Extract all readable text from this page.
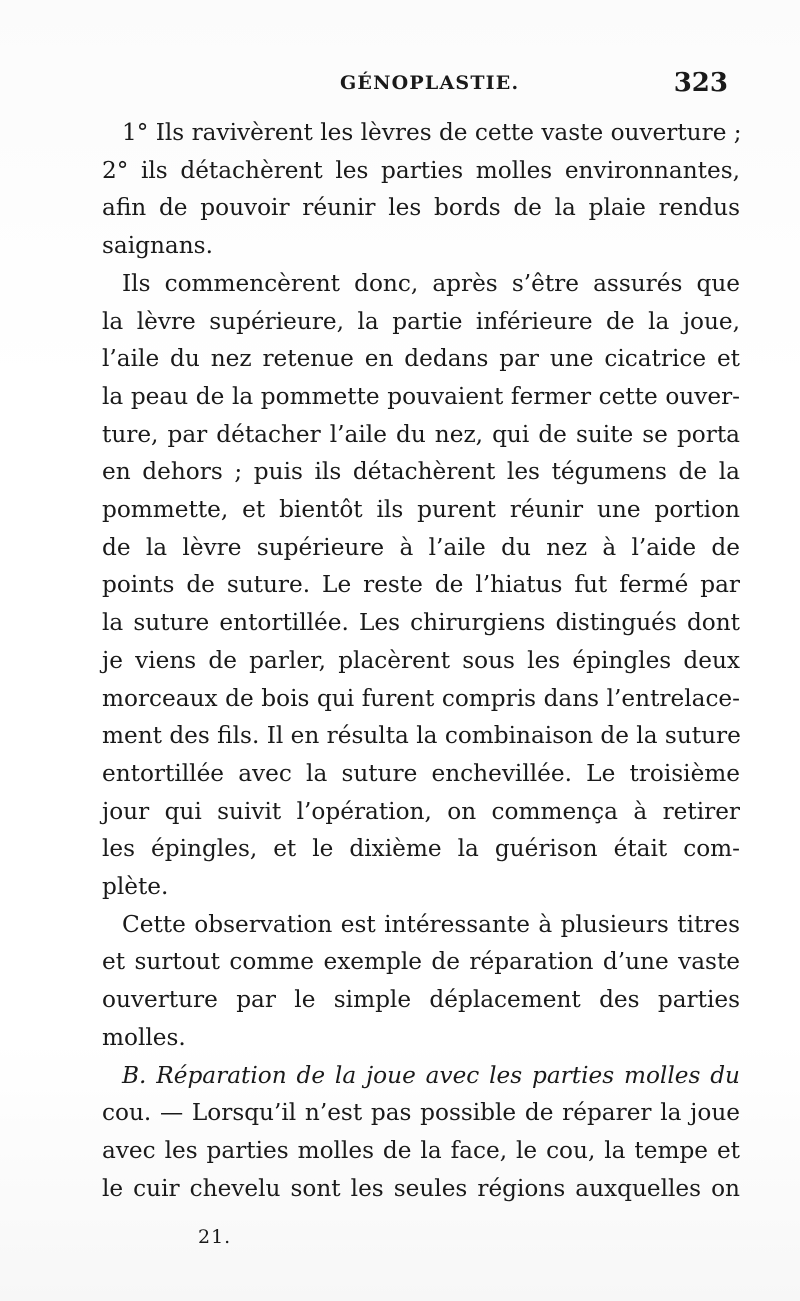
GÉNOPLASTIE.	323

1° Ils ravivèrent les lèvres de cette vaste ouverture ;
2° ils détachèrent les parties molles environnantes,
afin de pouvoir réunir les bords de la plaie rendus
saignans.

Ils commencèrent donc, après s’être assurés que
la lèvre supérieure, la partie inférieure de la joue,
l’aile du nez retenue en dedans par une cicatrice et
la peau de la pommette pouvaient fermer cette ouver-
ture, par détacher l’aile du nez, qui de suite se porta
en dehors ; puis ils détachèrent les tégumens de la
pommette, et bientôt ils purent réunir une portion
de la lèvre supérieure à l’aile du nez à l’aide de
points de suture. Le reste de l’hiatus fut fermé par
la suture entortillée. Les chirurgiens distingués dont
je viens de parler, placèrent sous les épingles deux
morceaux de bois qui furent compris dans l’entrelace-
ment des fils. Il en résulta la combinaison de la suture
entortillée avec la suture enchevillée. Le troisième
jour qui suivit l’opération, on commença à retirer
les épingles, et le dixième la guérison était com-
plète.

Cette observation est intéressante à plusieurs titres
et surtout comme exemple de réparation d’une vaste
ouverture par le simple déplacement des parties
molles.

B. Réparation de la joue avec les parties molles du
cou. — Lorsqu’il n’est pas possible de réparer la joue
avec les parties molles de la face, le cou, la tempe et
le cuir chevelu sont les seules régions auxquelles on

21.
